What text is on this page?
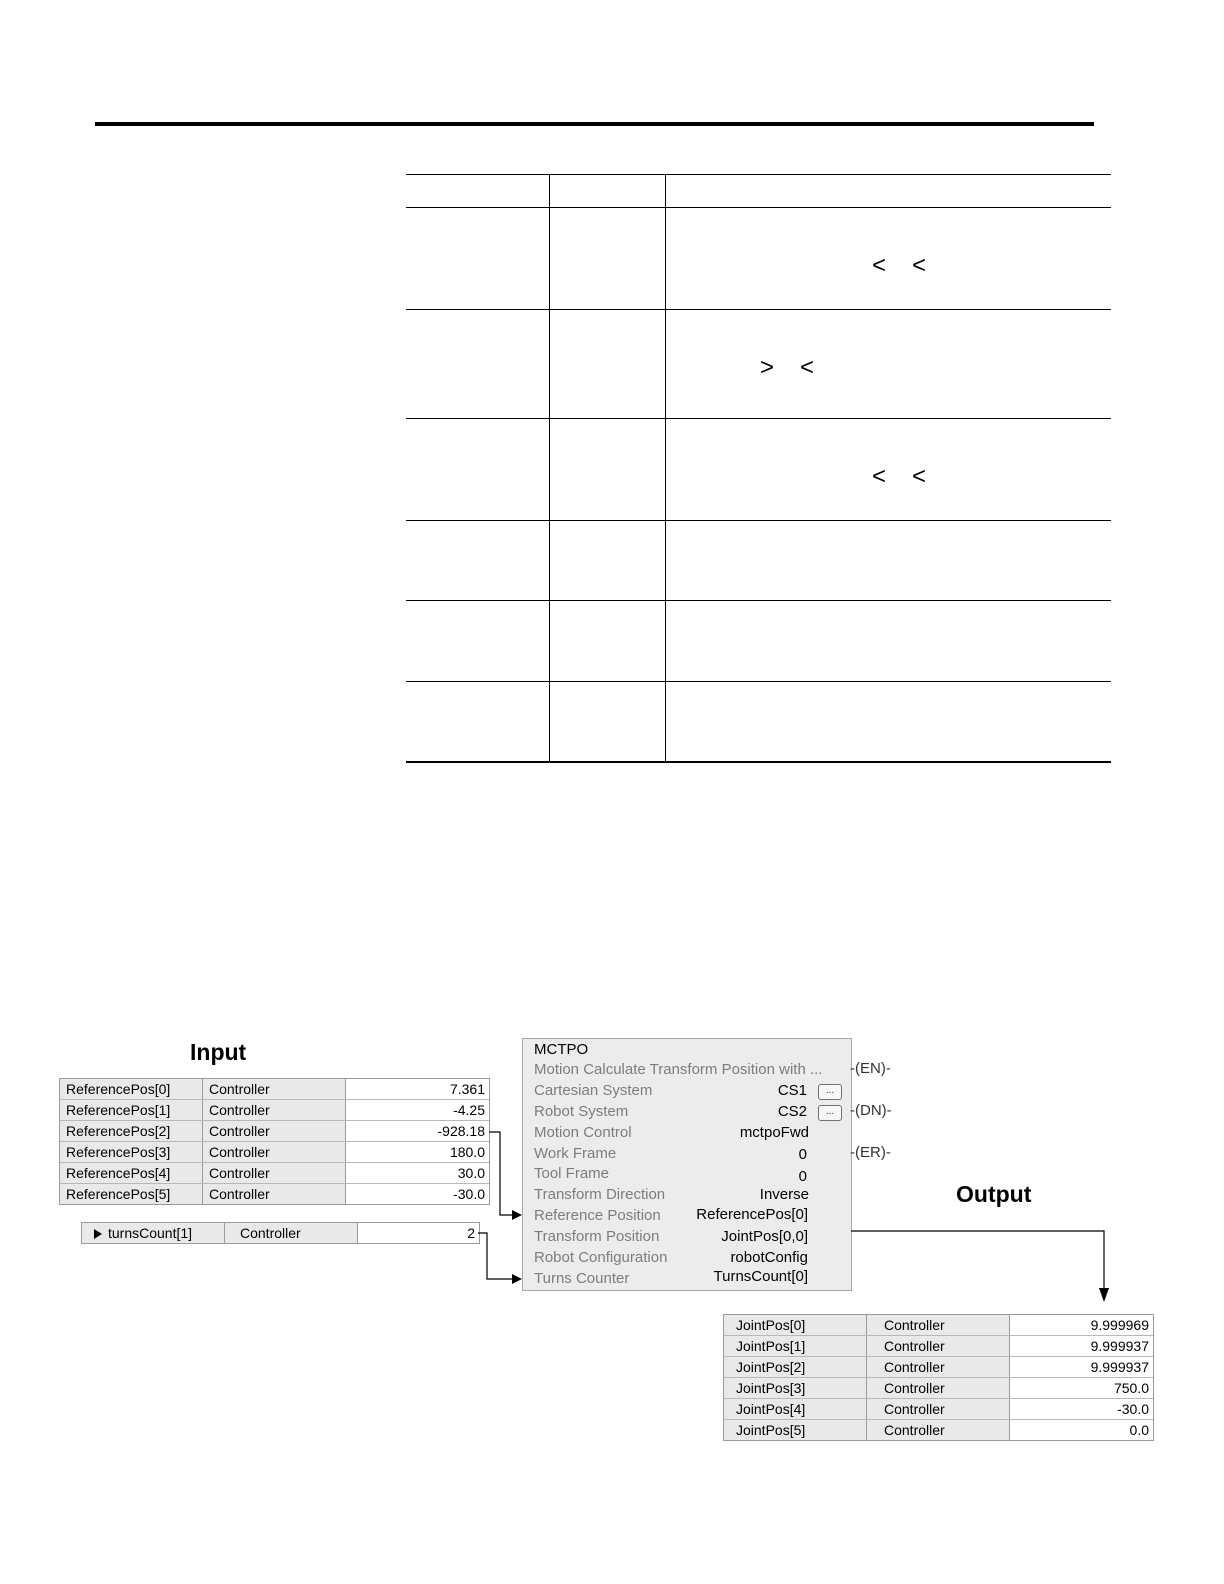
< <
> <
< <
Input
ReferencePos[0]	Controller	7.361
ReferencePos[1]	Controller	-4.25
ReferencePos[2]	Controller	-928.18
ReferencePos[3]	Controller	180.0
ReferencePos[4]	Controller	30.0
ReferencePos[5]	Controller	-30.0
turnsCount[1]	Controller	2
MCTPO
Motion Calculate Transform Position with ...
Cartesian System	CS1	...
Robot System	CS2	...
Motion Control	mctpoFwd
Work Frame	0
Tool Frame	0
Transform Direction	Inverse
Reference Position ReferencePos[0]
Transform Position	JointPos[0,0]
Robot Configuration	robotConfig
Turns Counter	TurnsCount[0]
-(EN)-
-(DN)-
-(ER)-
Output
JointPos[0]	Controller	9.999969
JointPos[1]	Controller	9.999937
JointPos[2]	Controller	9.999937
JointPos[3]	Controller	750.0
JointPos[4]	Controller	-30.0
JointPos[5]	Controller	0.0
